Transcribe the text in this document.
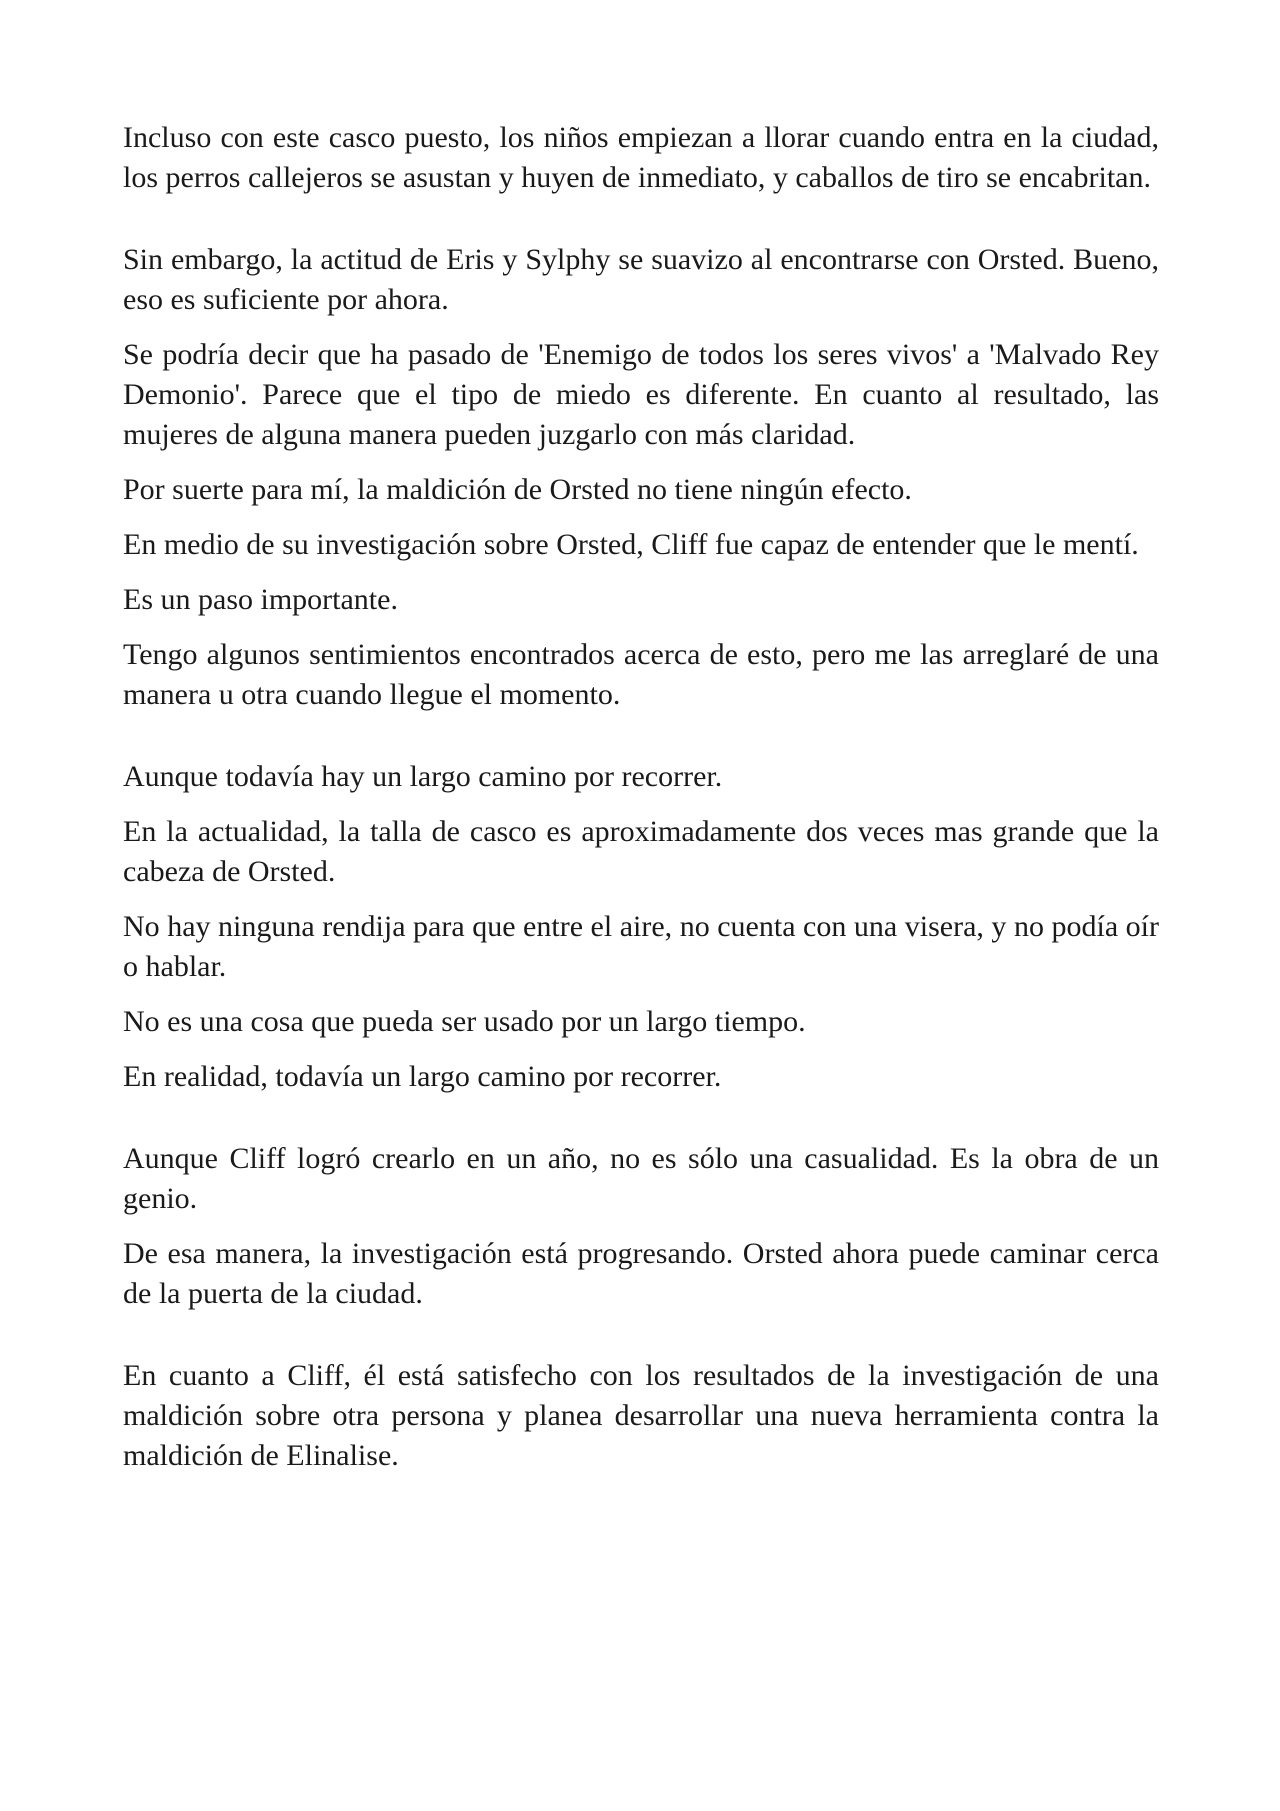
Incluso con este casco puesto, los niños empiezan a llorar cuando entra en la ciudad, los perros callejeros se asustan y huyen de inmediato, y caballos de tiro se encabritan.

Sin embargo, la actitud de Eris y Sylphy se suavizo al encontrarse con Orsted. Bueno, eso es suficiente por ahora.

Se podría decir que ha pasado de 'Enemigo de todos los seres vivos' a 'Malvado Rey Demonio'. Parece que el tipo de miedo es diferente. En cuanto al resultado, las mujeres de alguna manera pueden juzgarlo con más claridad.

Por suerte para mí, la maldición de Orsted no tiene ningún efecto.

En medio de su investigación sobre Orsted, Cliff fue capaz de entender que le mentí.

Es un paso importante.

Tengo algunos sentimientos encontrados acerca de esto, pero me las arreglaré de una manera u otra cuando llegue el momento.

Aunque todavía hay un largo camino por recorrer.

En la actualidad, la talla de casco es aproximadamente dos veces mas grande que la cabeza de Orsted.

No hay ninguna rendija para que entre el aire, no cuenta con una visera, y no podía oír o hablar.

No es una cosa que pueda ser usado por un largo tiempo.

En realidad, todavía un largo camino por recorrer.

Aunque Cliff logró crearlo en un año, no es sólo una casualidad. Es la obra de un genio.

De esa manera, la investigación está progresando. Orsted ahora puede caminar cerca de la puerta de la ciudad.

En cuanto a Cliff, él está satisfecho con los resultados de la investigación de una maldición sobre otra persona y planea desarrollar una nueva herramienta contra la maldición de Elinalise.
